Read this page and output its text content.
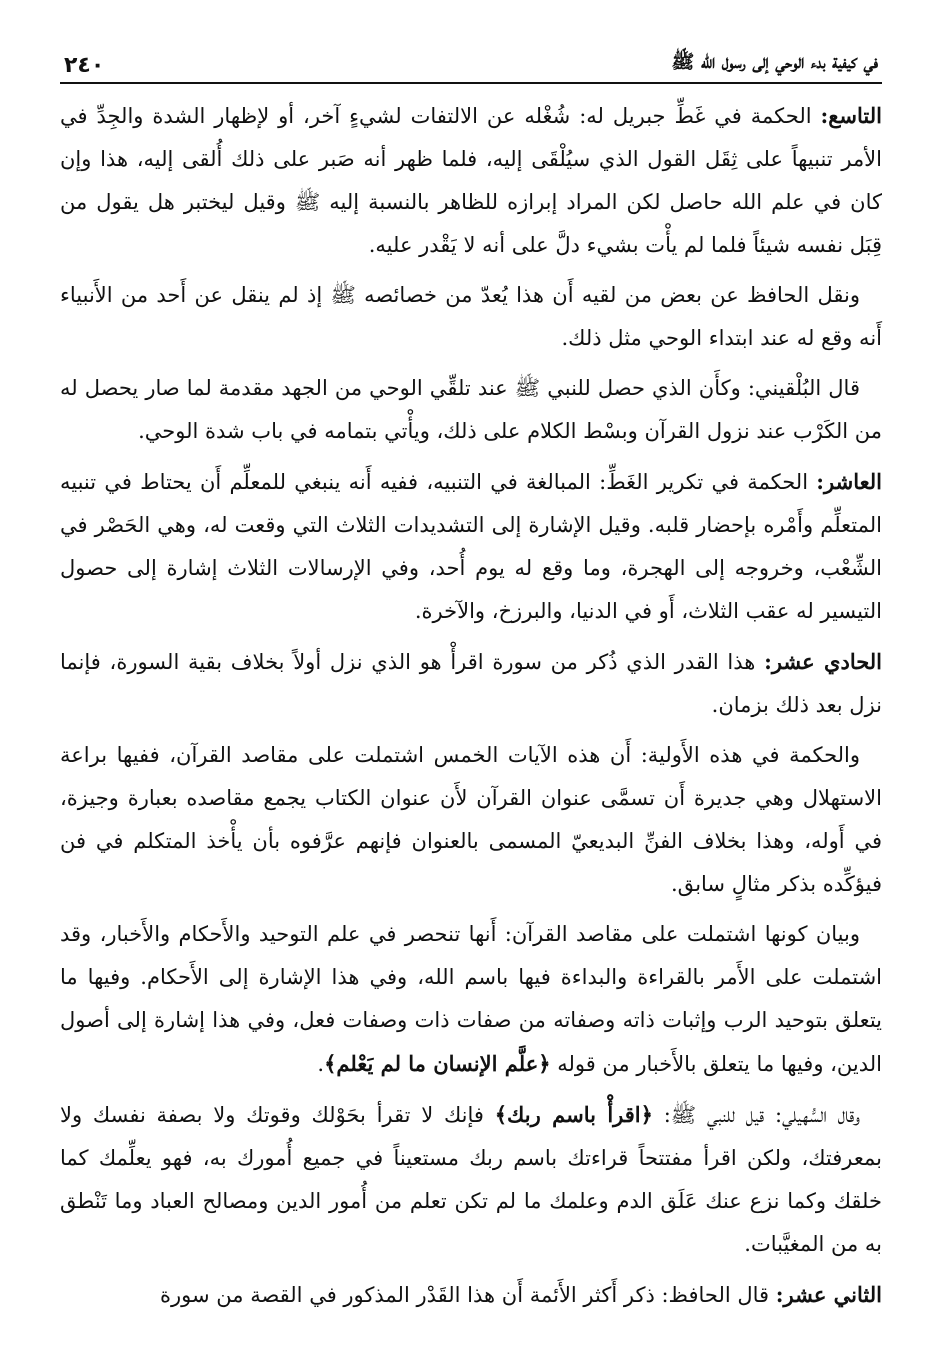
في كيفية بدء الوحي إلى رسول الله ﷺ
٢٤٠

التاسع: الحكمة في غَطِّ جبريل له: شُغْله عن الالتفات لشيءٍ آخر، أو لإظهار الشدة والجِدِّ في الأمر تنبيهاً على ثِقَل القول الذي سيُلْقَى إليه، فلما ظهر أنه صَبر على ذلك أُلقى إليه، هذا وإن كان في علم الله حاصل لكن المراد إبرازه للظاهر بالنسبة إليه ﷺ وقيل ليختبر هل يقول من قِبَل نفسه شيئاً فلما لم يأْت بشيء دلَّ على أنه لا يَقْدر عليه.

ونقل الحافظ عن بعض من لقيه أَن هذا يُعدّ من خصائصه ﷺ إذ لم ينقل عن أَحد من الأَنبياء أَنه وقع له عند ابتداء الوحي مثل ذلك.

قال البُلْقيني: وكأَن الذي حصل للنبي ﷺ عند تلقِّي الوحي من الجهد مقدمة لما صار يحصل له من الكَرْب عند نزول القرآن وبسْط الكلام على ذلك، ويأْتي بتمامه في باب شدة الوحي.

العاشر: الحكمة في تكرير الغَطِّ: المبالغة في التنبيه، ففيه أَنه ينبغي للمعلِّم أَن يحتاط في تنبيه المتعلِّم وأَمْره بإحضار قلبه. وقيل الإشارة إلى التشديدات الثلاث التي وقعت له، وهي الحَصْر في الشِّعْب، وخروجه إلى الهجرة، وما وقع له يوم أُحد، وفي الإرسالات الثلاث إشارة إلى حصول التيسير له عقب الثلاث، أَو في الدنيا، والبرزخ، والآخرة.

الحادي عشر: هذا القدر الذي ذُكر من سورة اقرأْ هو الذي نزل أولاً بخلاف بقية السورة، فإنما نزل بعد ذلك بزمان.

والحكمة في هذه الأَولية: أَن هذه الآيات الخمس اشتملت على مقاصد القرآن، ففيها براعة الاستهلال وهي جديرة أَن تسمَّى عنوان القرآن لأَن عنوان الكتاب يجمع مقاصده بعبارة وجيزة، في أَوله، وهذا بخلاف الفنِّ البديعيّ المسمى بالعنوان فإنهم عرَّفوه بأن يأْخذ المتكلم في فن فيؤكِّده بذكر مثالٍ سابق.

وبيان كونها اشتملت على مقاصد القرآن: أَنها تنحصر في علم التوحيد والأَحكام والأَخبار، وقد اشتملت على الأَمر بالقراءة والبداءة فيها باسم الله، وفي هذا الإشارة إلى الأَحكام. وفيها ما يتعلق بتوحيد الرب وإثبات ذاته وصفاته من صفات ذات وصفات فعل، وفي هذا إشارة إلى أصول الدين، وفيها ما يتعلق بالأَخبار من قوله ﴿علَّم الإنسان ما لم يَعْلم﴾.

وقال السُّهيلي: قيل للنبي ﷺ: ﴿اقرأْ باسم ربك﴾ فإنك لا تقرأ بحَوْلك وقوتك ولا بصفة نفسك ولا بمعرفتك، ولكن اقرأ مفتتحاً قراءتك باسم ربك مستعيناً في جميع أُمورك به، فهو يعلِّمك كما خلقك وكما نزع عنك عَلَق الدم وعلمك ما لم تكن تعلم من أُمور الدين ومصالح العباد وما تَنْطق به من المغيَّبات.

الثاني عشر: قال الحافظ: ذكر أَكثر الأَئمة أَن هذا القَدْر المذكور في القصة من سورة
